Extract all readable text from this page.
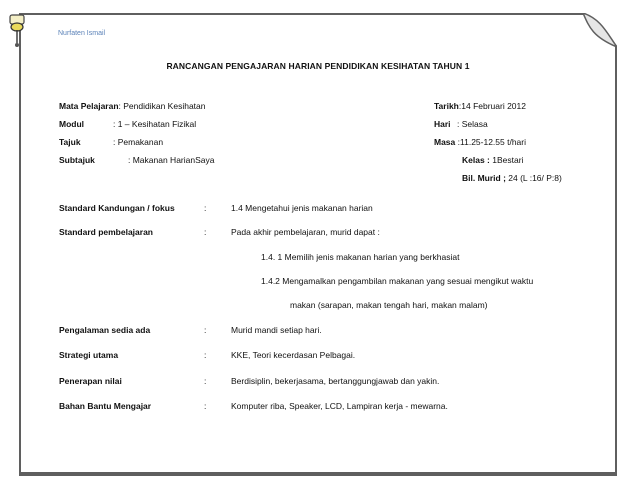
Nurfaten Ismail
RANCANGAN PENGAJARAN HARIAN PENDIDIKAN KESIHATAN TAHUN 1
Mata Pelajaran: Pendidikan Kesihatan
Modul	: 1 – Kesihatan Fizikal
Tajuk	: Pemakanan
Subtajuk	: Makanan HarianSaya
Tarikh:14 Februari 2012
Hari : Selasa
Masa :11.25-12.55 t/hari
Kelas : 1Bestari
Bil. Murid ; 24 (L :16/ P:8)
Standard Kandungan / fokus	:	1.4 Mengetahui jenis makanan harian
Standard pembelajaran	:	Pada akhir pembelajaran, murid dapat :
1.4. 1 Memilih jenis makanan harian yang berkhasiat
1.4.2 Mengamalkan pengambilan makanan yang sesuai mengikut waktu
makan (sarapan, makan tengah hari, makan malam)
Pengalaman sedia ada	:	Murid mandi setiap hari.
Strategi utama	:	KKE, Teori kecerdasan Pelbagai.
Penerapan nilai	:	Berdisiplin, bekerjasama, bertanggungjawab dan yakin.
Bahan Bantu Mengajar	:	Komputer riba, Speaker, LCD, Lampiran kerja - mewarna.
